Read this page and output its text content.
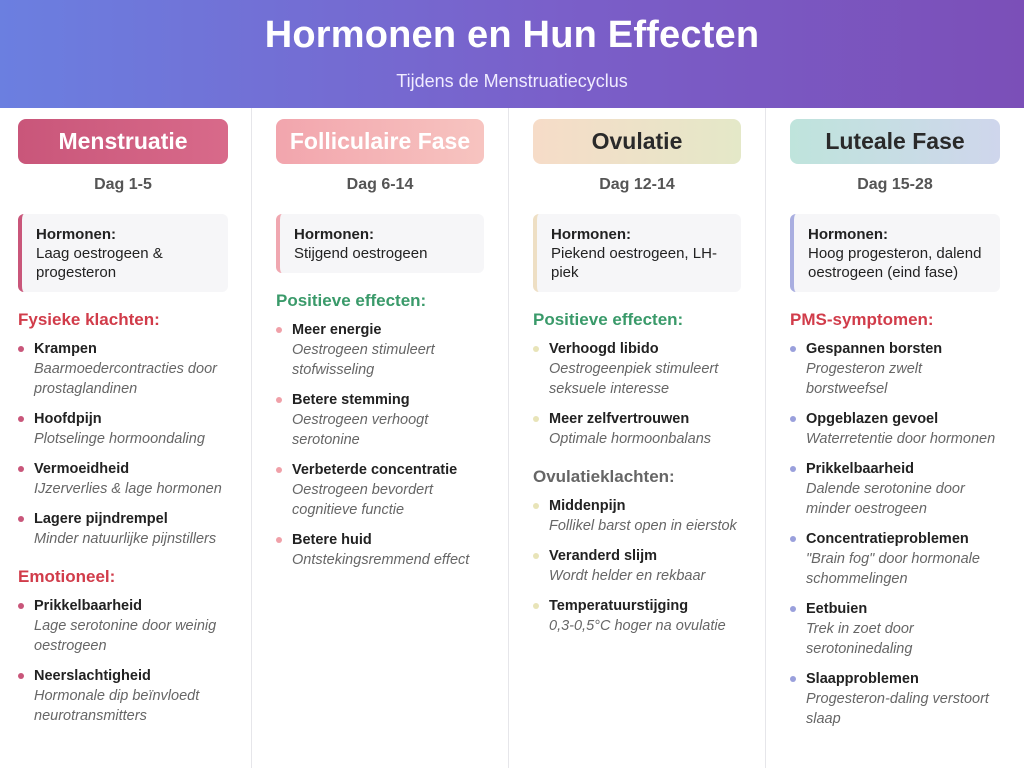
Hormonen en Hun Effecten
Tijdens de Menstruatiecyclus
Menstruatie
Dag 1-5
Hormonen:
Laag oestrogeen & progesteron
Fysieke klachten:
Krampen
Baarmoedercontracties door prostaglandinen
Hoofdpijn
Plotselinge hormoondaling
Vermoeidheid
IJzerverlies & lage hormonen
Lagere pijndrempel
Minder natuurlijke pijnstillers
Emotioneel:
Prikkelbaarheid
Lage serotonine door weinig oestrogeen
Neerslachtigheid
Hormonale dip beïnvloedt neurotransmitters
Folliculaire Fase
Dag 6-14
Hormonen:
Stijgend oestrogeen
Positieve effecten:
Meer energie
Oestrogeen stimuleert stofwisseling
Betere stemming
Oestrogeen verhoogt serotonine
Verbeterde concentratie
Oestrogeen bevordert cognitieve functie
Betere huid
Ontstekingsremmend effect
Ovulatie
Dag 12-14
Hormonen:
Piekend oestrogeen, LH-piek
Positieve effecten:
Verhoogd libido
Oestrogeenpiek stimuleert seksuele interesse
Meer zelfvertrouwen
Optimale hormoonbalans
Ovulatieklachten:
Middenpijn
Follikel barst open in eierstok
Veranderd slijm
Wordt helder en rekbaar
Temperatuurstijging
0,3-0,5°C hoger na ovulatie
Luteale Fase
Dag 15-28
Hormonen:
Hoog progesteron, dalend oestrogeen (eind fase)
PMS-symptomen:
Gespannen borsten
Progesteron zwelt borstweefsel
Opgeblazen gevoel
Waterretentie door hormonen
Prikkelbaarheid
Dalende serotonine door minder oestrogeen
Concentratieproblemen
"Brain fog" door hormonale schommelingen
Eetbuien
Trek in zoet door serotoninedaling
Slaapproblemen
Progesteron-daling verstoort slaap
